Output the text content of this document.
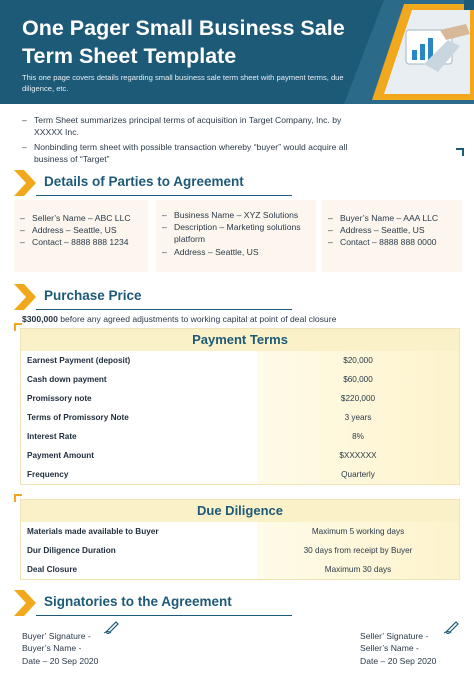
One Pager Small Business Sale Term Sheet Template
This one page covers details regarding small business sale term sheet with payment terms, due diligence, etc.
– Term Sheet summarizes principal terms of acquisition in Target Company, Inc. by XXXXX Inc.
– Nonbinding term sheet with possible transaction whereby “buyer” would acquire all business of “Target”
Details of Parties to Agreement
– Seller’s Name – ABC LLC
– Address – Seattle, US
– Contact – 8888 888 1234
– Business Name – XYZ Solutions
– Description – Marketing solutions platform
– Address – Seattle, US
– Buyer’s Name – AAA LLC
– Address – Seattle, US
– Contact – 8888 888 0000
Purchase Price
$300,000 before any agreed adjustments to working capital at point of deal closure
Payment Terms
Earnest Payment (deposit)	$20,000
Cash down payment	$60,000
Promissory note	$220,000
Terms of Promissory Note	3 years
Interest Rate	8%
Payment Amount	$XXXXXX
Frequency	Quarterly
Due Diligence
Materials made available to Buyer	Maximum 5 working days
Dur Diligence Duration	30 days from receipt by Buyer
Deal Closure	Maximum 30 days
Signatories to the Agreement
Buyer’ Signature -
Buyer’s Name -
Date – 20 Sep 2020
Seller’ Signature -
Seller’s Name -
Date – 20 Sep 2020
